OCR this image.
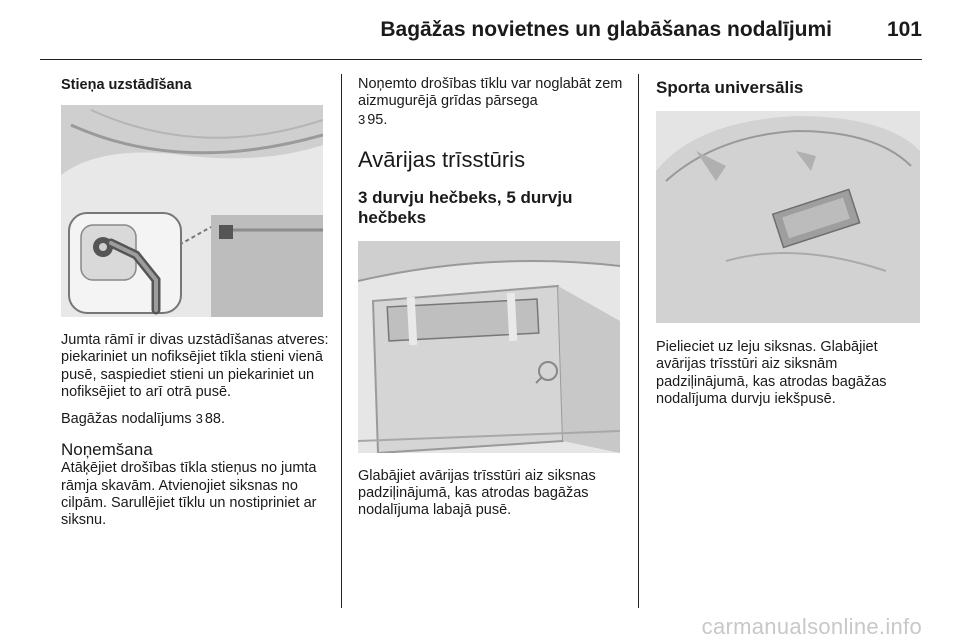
Bagāžas novietnes un glabāšanas nodalījumi	101

Stieņa uzstādīšana

Jumta rāmī ir divas uzstādīšanas atveres: piekariniet un nofiksējiet tīkla stieni vienā pusē, saspiediet stieni un piekariniet un nofiksējiet to arī otrā pusē.

Bagāžas nodalījums 3 88.

Noņemšana

Atāķējiet drošības tīkla stieņus no jumta rāmja skavām. Atvienojiet siksnas no cilpām. Sarullējiet tīklu un nostipriniet ar siksnu.

Noņemto drošības tīklu var noglabāt zem aizmugurējā grīdas pārsega
3 95.

Avārijas trīsstūris

3 durvju hečbeks, 5 durvju hečbeks

Glabājiet avārijas trīsstūri aiz siksnas padziļinājumā, kas atrodas bagāžas nodalījuma labajā pusē.

Sporta universālis

Pielieciet uz leju siksnas. Glabājiet avārijas trīsstūri aiz siksnām padziļinājumā, kas atrodas bagāžas nodalījuma durvju iekšpusē.

carmanualsonline.info
